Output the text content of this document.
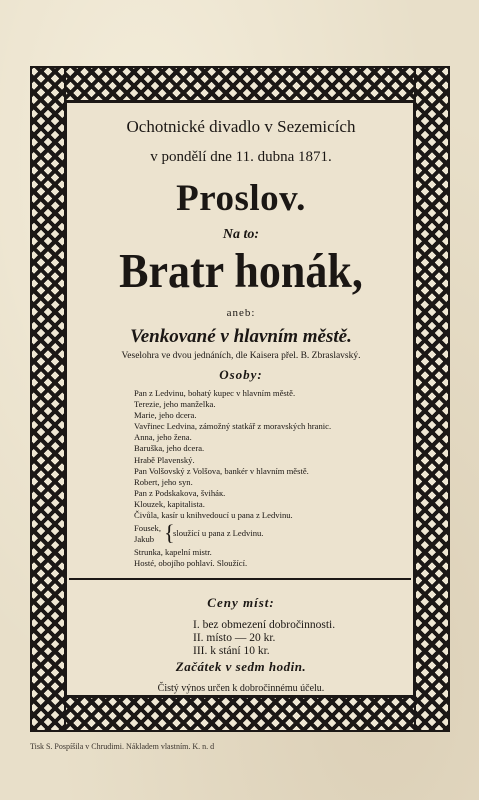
Ochotnické divadlo v Sezemicích
v pondělí dne 11. dubna 1871.
Proslov.
Na to:
Bratr honák,
aneb:
Venkované v hlavním městě.
Veselohra ve dvou jednáních, dle Kaisera přel. B. Zbraslavský.
Osoby:
Pan z Ledvinu, bohatý kupec v hlavním městě.
Terezie, jeho manželka.
Marie, jeho dcera.
Vavřinec Ledvina, zámožný statkář z moravských hranic.
Anna, jeho žena.
Baruška, jeho dcera.
Hrabě Plavenský.
Pan Volšovský z Volšova, bankér v hlavním městě.
Robert, jeho syn.
Pan z Podskakova, šviháк.
Klouzek, kapitalista.
Čivůla, kasír u knihvedoucí u pana z Ledvinu.
Fousek,
Jakub {
sloužící u pana z Ledvinu.
Strunka, kapelní mistr.
Hosté, obojího pohlaví. Sloužící.
Ceny míst:
I. bez obmezení dobročinnosti.
II. místo — 20 kr.
III. k stání 10 kr.
Začátek v sedm hodin.
Čistý výnos určen k dobročinnému účelu.
Tisk S. Pospíšila v Chrudimi. Nákladem vlastním. K. n. d
